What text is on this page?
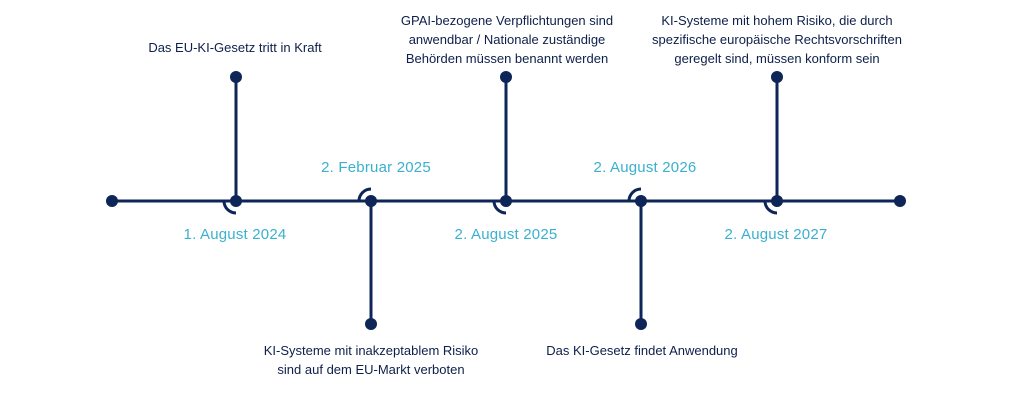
Das EU-KI-Gesetz tritt in Kraft
1. August 2024
KI-Systeme mit inakzeptablem Risiko
sind auf dem EU-Markt verboten
2. Februar 2025
GPAI-bezogene Verpflichtungen sind
anwendbar / Nationale zuständige
Behörden müssen benannt werden
2. August 2025
Das KI-Gesetz findet Anwendung
2. August 2026
KI-Systeme mit hohem Risiko, die durch
spezifische europäische Rechtsvorschriften
geregelt sind, müssen konform sein
2. August 2027
